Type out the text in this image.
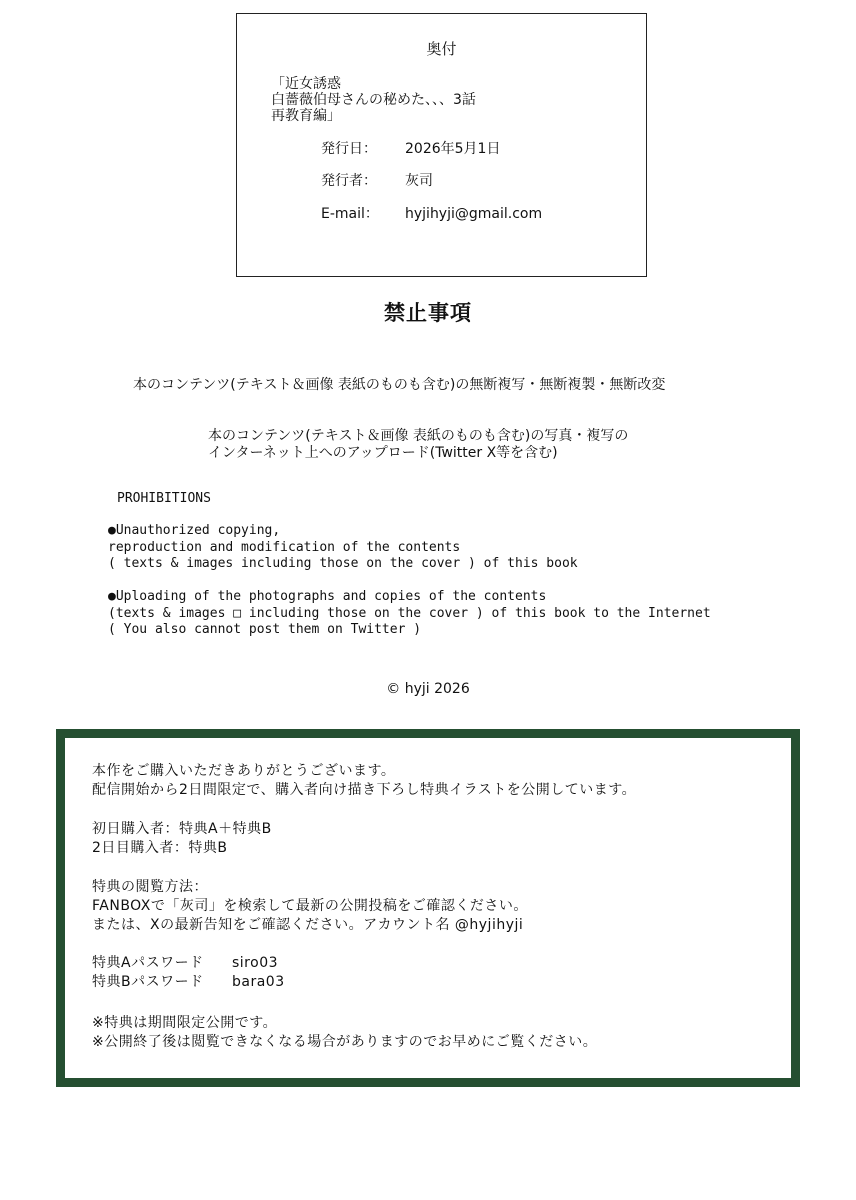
奥付
「近女誘惑
白薔薇伯母さんの秘めた、、、3話
再教育編」
発行日： 2026年5月1日
発行者： 灰司
E-mail： hyjihyji@gmail.com
禁止事項
本のコンテンツ(テキスト＆画像 表紙のものも含む)の無断複写・無断複製・無断改変
本のコンテンツ(テキスト＆画像 表紙のものも含む)の写真・複写の
インターネット上へのアップロード(Twitter X等を含む)
PROHIBITIONS
●Unauthorized copying,
reproduction and modification of the contents
( texts & images including those on the cover ) of this book
●Uploading of the photographs and copies of the contents
(texts & images □ including those on the cover ) of this book to the Internet
( You also cannot post them on Twitter )
© hyji 2026
本作をご購入いただきありがとうございます。
配信開始から2日間限定で、購入者向け描き下ろし特典イラストを公開しています。
初日購入者：特典A＋特典B
2日目購入者：特典B
特典の閲覧方法：
FANBOXで「灰司」を検索して最新の公開投稿をご確認ください。
または、Xの最新告知をご確認ください。アカウント名 @hyjihyji
特典Aパスワード siro03
特典Bパスワード bara03
※特典は期間限定公開です。
※公開終了後は閲覧できなくなる場合がありますのでお早めにご覧ください。
